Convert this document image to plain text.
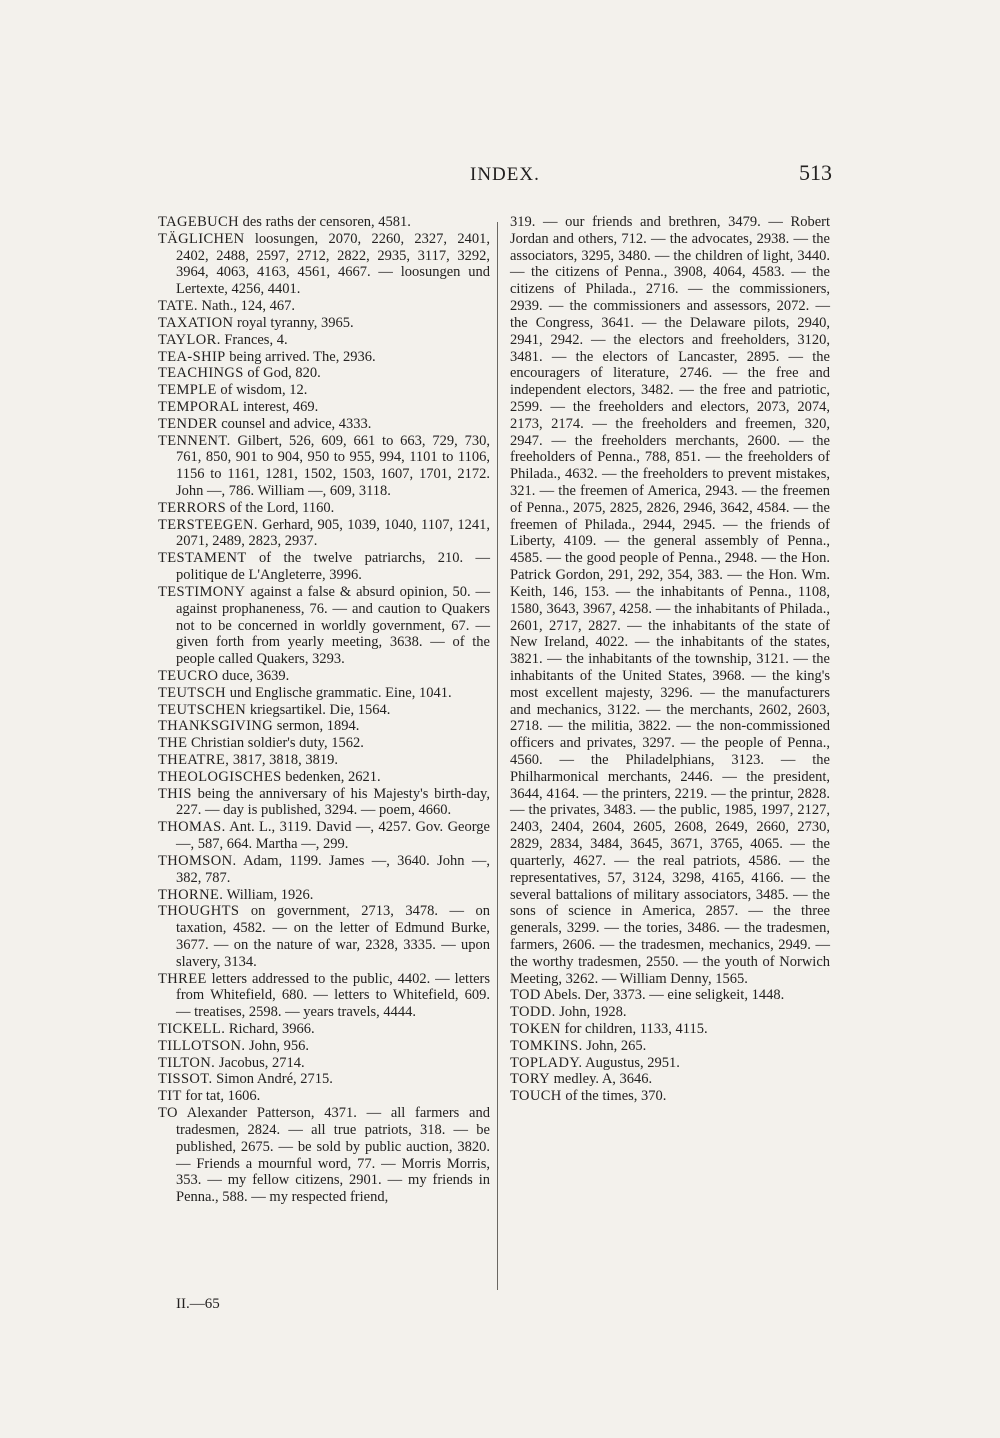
INDEX.	513

TAGEBUCH des raths der censoren, 4581.

TÄGLICHEN loosungen, 2070, 2260, 2327, 2401, 2402, 2488, 2597, 2712, 2822, 2935, 3117, 3292, 3964, 4063, 4163, 4561, 4667. — loosungen und Lertexte, 4256, 4401.

TATE. Nath., 124, 467.

TAXATION royal tyranny, 3965.

TAYLOR. Frances, 4.

TEA-SHIP being arrived. The, 2936.

TEACHINGS of God, 820.

TEMPLE of wisdom, 12.

TEMPORAL interest, 469.

TENDER counsel and advice, 4333.

TENNENT. Gilbert, 526, 609, 661 to 663, 729, 730, 761, 850, 901 to 904, 950 to 955, 994, 1101 to 1106, 1156 to 1161, 1281, 1502, 1503, 1607, 1701, 2172. John —, 786. William —, 609, 3118.

TERRORS of the Lord, 1160.

TERSTEEGEN. Gerhard, 905, 1039, 1040, 1107, 1241, 2071, 2489, 2823, 2937.

TESTAMENT of the twelve patriarchs, 210. — politique de L'Angleterre, 3996.

TESTIMONY against a false & absurd opinion, 50. — against prophaneness, 76. — and caution to Quakers not to be concerned in worldly government, 67. — given forth from yearly meeting, 3638. — of the people called Quakers, 3293.

TEUCRO duce, 3639.

TEUTSCH und Englische grammatic. Eine, 1041.

TEUTSCHEN kriegsartikel. Die, 1564.

THANKSGIVING sermon, 1894.

THE Christian soldier's duty, 1562.

THEATRE, 3817, 3818, 3819.

THEOLOGISCHES bedenken, 2621.

THIS being the anniversary of his Majesty's birth-day, 227. — day is published, 3294. — poem, 4660.

THOMAS. Ant. L., 3119. David —, 4257. Gov. George —, 587, 664. Martha —, 299.

THOMSON. Adam, 1199. James —, 3640. John —, 382, 787.

THORNE. William, 1926.

THOUGHTS on government, 2713, 3478. — on taxation, 4582. — on the letter of Edmund Burke, 3677. — on the nature of war, 2328, 3335. — upon slavery, 3134.

THREE letters addressed to the public, 4402. — letters from Whitefield, 680. — letters to Whitefield, 609. — treatises, 2598. — years travels, 4444.

TICKELL. Richard, 3966.

TILLOTSON. John, 956.

TILTON. Jacobus, 2714.

TISSOT. Simon André, 2715.

TIT for tat, 1606.

TO Alexander Patterson, 4371. — all farmers and tradesmen, 2824. — all true patriots, 318. — be published, 2675. — be sold by public auction, 3820. — Friends a mournful word, 77. — Morris Morris, 353. — my fellow citizens, 2901. — my friends in Penna., 588. — my respected friend,

319. — our friends and brethren, 3479. — Robert Jordan and others, 712. — the advocates, 2938. — the associators, 3295, 3480. — the children of light, 3440. — the citizens of Penna., 3908, 4064, 4583. — the citizens of Philada., 2716. — the commissioners, 2939. — the commissioners and assessors, 2072. — the Congress, 3641. — the Delaware pilots, 2940, 2941, 2942. — the electors and freeholders, 3120, 3481. — the electors of Lancaster, 2895. — the encouragers of literature, 2746. — the free and independent electors, 3482. — the free and patriotic, 2599. — the freeholders and electors, 2073, 2074, 2173, 2174. — the freeholders and freemen, 320, 2947. — the freeholders merchants, 2600. — the freeholders of Penna., 788, 851. — the freeholders of Philada., 4632. — the freeholders to prevent mistakes, 321. — the freemen of America, 2943. — the freemen of Penna., 2075, 2825, 2826, 2946, 3642, 4584. — the freemen of Philada., 2944, 2945. — the friends of Liberty, 4109. — the general assembly of Penna., 4585. — the good people of Penna., 2948. — the Hon. Patrick Gordon, 291, 292, 354, 383. — the Hon. Wm. Keith, 146, 153. — the inhabitants of Penna., 1108, 1580, 3643, 3967, 4258. — the inhabitants of Philada., 2601, 2717, 2827. — the inhabitants of the state of New Ireland, 4022. — the inhabitants of the states, 3821. — the inhabitants of the township, 3121. — the inhabitants of the United States, 3968. — the king's most excellent majesty, 3296. — the manufacturers and mechanics, 3122. — the merchants, 2602, 2603, 2718. — the militia, 3822. — the non-commissioned officers and privates, 3297. — the people of Penna., 4560. — the Philadelphians, 3123. — the Philharmonical merchants, 2446. — the president, 3644, 4164. — the printers, 2219. — the printur, 2828. — the privates, 3483. — the public, 1985, 1997, 2127, 2403, 2404, 2604, 2605, 2608, 2649, 2660, 2730, 2829, 2834, 3484, 3645, 3671, 3765, 4065. — the quarterly, 4627. — the real patriots, 4586. — the representatives, 57, 3124, 3298, 4165, 4166. — the several battalions of military associators, 3485. — the sons of science in America, 2857. — the three generals, 3299. — the tories, 3486. — the tradesmen, farmers, 2606. — the tradesmen, mechanics, 2949. — the worthy tradesmen, 2550. — the youth of Norwich Meeting, 3262. — William Denny, 1565.

TOD Abels. Der, 3373. — eine seligkeit, 1448.

TODD. John, 1928.

TOKEN for children, 1133, 4115.

TOMKINS. John, 265.

TOPLADY. Augustus, 2951.

TORY medley. A, 3646.

TOUCH of the times, 370.

II.—65
